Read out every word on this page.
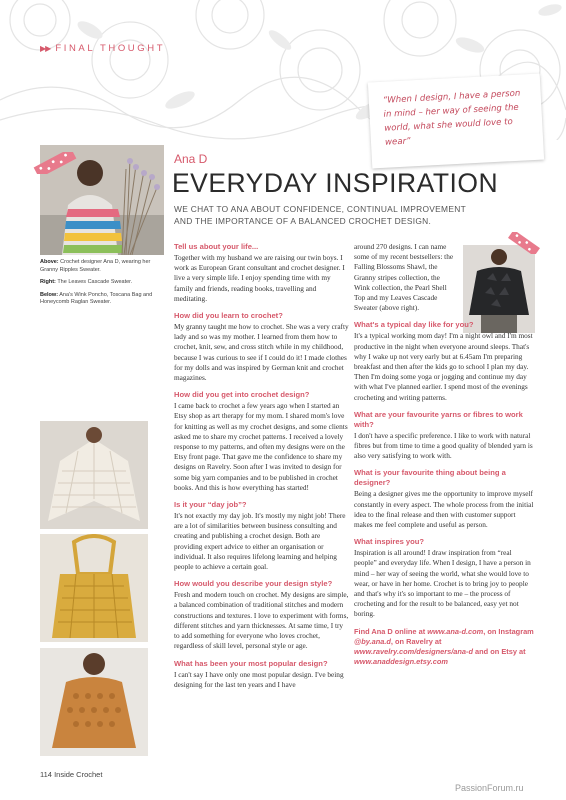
▶▶ FINAL THOUGHT
“When I design, I have a person in mind – her way of seeing the world, what she would love to wear”
Ana D
EVERYDAY INSPIRATION
WE CHAT TO ANA ABOUT CONFIDENCE, CONTINUAL IMPROVEMENT AND THE IMPORTANCE OF A BALANCED CROCHET DESIGN.

Above: Crochet designer Ana D, wearing her Granny Ripples Sweater.

Right: The Leaves Cascade Sweater.

Below: Ana's Wink Poncho, Toscana Bag and Honeycomb Raglan Sweater.

Tell us about your life...

Together with my husband we are raising our twin boys. I work as European Grant consultant and crochet designer. I live a very simple life. I enjoy spending time with my family and friends, reading books, travelling and meditating.

How did you learn to crochet?

My granny taught me how to crochet. She was a very crafty lady and so was my mother. I learned from them how to crochet, knit, sew, and cross stitch while in my childhood, because I was curious to see if I could do it! I made clothes for my dolls and was inspired by German knit and crochet magazines.

How did you get into crochet design?

I came back to crochet a few years ago when I started an Etsy shop as art therapy for my mom. I shared mom's love for knitting as well as my crochet designs, and some clients asked me to share my crochet patterns. I received a lovely response to my patterns, and often my designs were on the Etsy front page. That gave me the confidence to share my designs on Ravelry. Soon after I was invited to design for some big yarn companies and to be published in crochet books. And this is how everything has started!

Is it your “day job”?

It's not exactly my day job. It's mostly my night job! There are a lot of similarities between business consulting and creating and publishing a crochet design. Both are providing expert advice to either an organisation or individual. It also requires lifelong learning and helping people to achieve a certain goal.

How would you describe your design style?

Fresh and modern touch on crochet. My designs are simple, a balanced combination of traditional stitches and modern constructions and textures. I love to experiment with forms, different stitches and yarn thicknesses. At same time, I try to add something for everyone who loves crochet, regardless of skill level, personal style or age.

What has been your most popular design?

I can't say I have only one most popular design. I've being designing for the last ten years and I have

around 270 designs. I can name some of my recent bestsellers: the Falling Blossoms Shawl, the Granny stripes collection, the Wink collection, the Pearl Shell Top and my Leaves Cascade Sweater (above right).

What's a typical day like for you?

It's a typical working mom day! I'm a night owl and I'm most productive in the night when everyone around sleeps. That's why I wake up not very early but at 6.45am I'm preparing breakfast and then after the kids go to school I plan my day. Then I'm doing some yoga or jogging and continue my day with what I've planned earlier. I spend most of the evenings crocheting and writing patterns.

What are your favourite yarns or fibres to work with?

I don't have a specific preference. I like to work with natural fibres but from time to time a good quality of blended yarn is also very satisfying to work with.

What is your favourite thing about being a designer?

Being a designer gives me the opportunity to improve myself constantly in every aspect. The whole process from the initial idea to the final release and then with customer support makes me feel complete and useful as person.

What inspires you?

Inspiration is all around! I draw inspiration from “real people” and everyday life. When I design, I have a person in mind – her way of seeing the world, what she would love to wear, or have in her home. Crochet is to bring joy to people and that's why it's so important to me – the process of crocheting and for the result to be balanced, easy yet not boring.

Find Ana D online at www.ana-d.com, on Instagram @by.ana.d, on Ravelry at www.ravelry.com/designers/ana-d and on Etsy at www.anaddesign.etsy.com
114 Inside Crochet
PassionForum.ru
